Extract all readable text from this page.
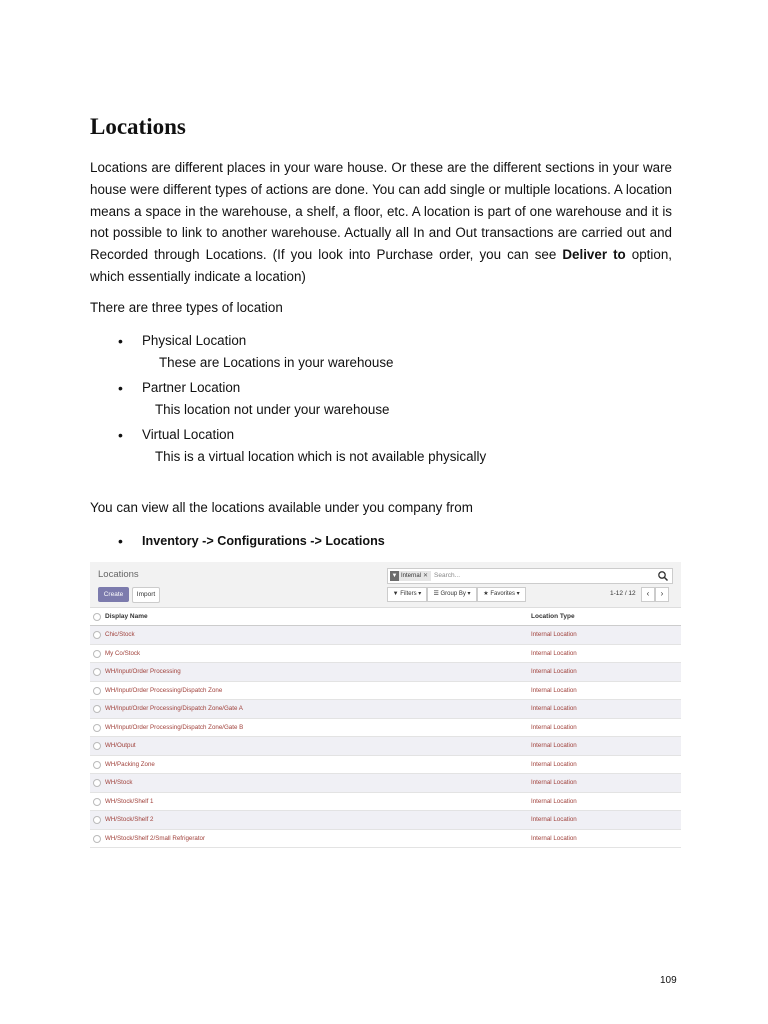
Locations

Locations are different places in your ware house. Or these are the different sections in your ware house were different types of actions are done. You can add single or multiple locations. A location means a space in the warehouse, a shelf, a floor, etc. A location is part of one warehouse and it is not possible to link to another warehouse. Actually all In and Out transactions are carried out and Recorded through Locations. (If you look into Purchase order, you can see Deliver to option, which essentially indicate a location)

There are three types of location

• Physical Location
These are Locations in your warehouse
• Partner Location
This location not under your warehouse
• Virtual Location
This is a virtual location which is not available physically

You can view all the locations available under you company from

• Inventory -> Configurations -> Locations
Locations
Create	Import
▼ Internal ✕ Search...
▼ Filters ▾	☰ Group By ▾	★ Favorites ▾	1-12 / 12	‹	›
Display Name	Location Type
Chic/Stock	Internal Location
My Co/Stock	Internal Location
WH/Input/Order Processing	Internal Location
WH/Input/Order Processing/Dispatch Zone	Internal Location
WH/Input/Order Processing/Dispatch Zone/Gate A	Internal Location
WH/Input/Order Processing/Dispatch Zone/Gate B	Internal Location
WH/Output	Internal Location
WH/Packing Zone	Internal Location
WH/Stock	Internal Location
WH/Stock/Shelf 1	Internal Location
WH/Stock/Shelf 2	Internal Location
WH/Stock/Shelf 2/Small Refrigerator	Internal Location
109
